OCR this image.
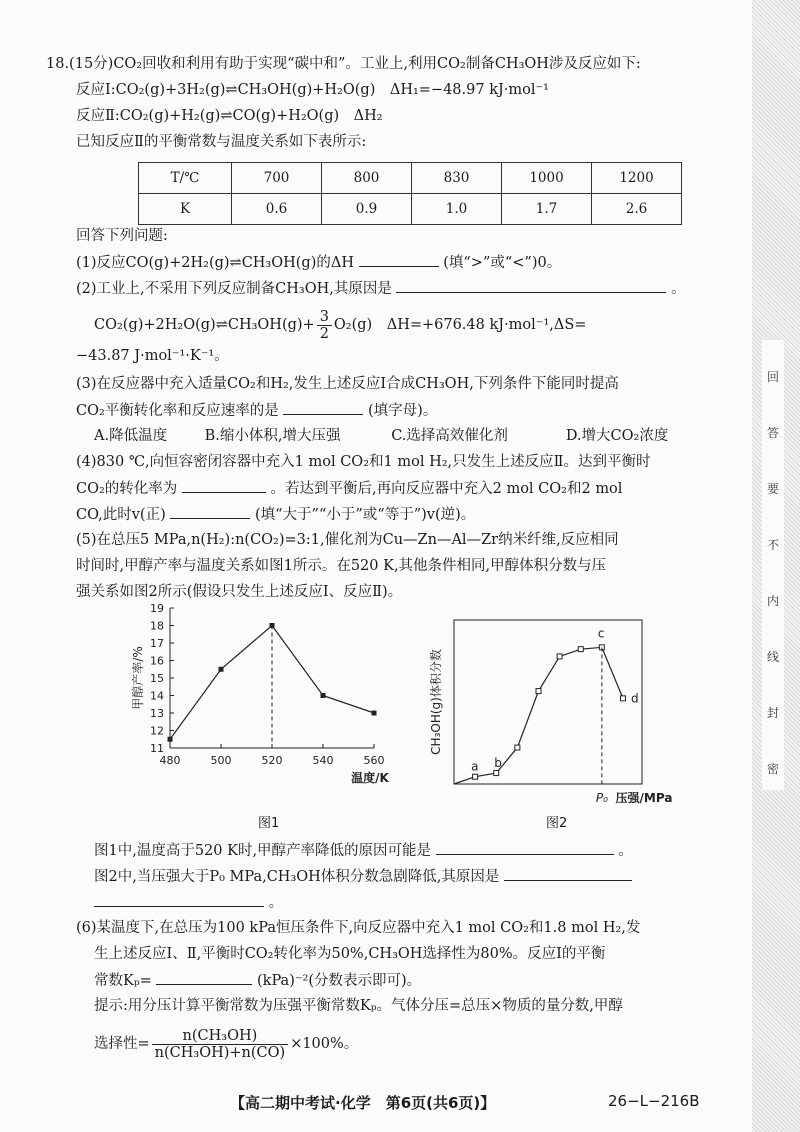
18.(15分)CO₂回收和利用有助于实现“碳中和”。工业上,利用CO₂制备CH₃OH涉及反应如下:
反应Ⅰ:CO₂(g)+3H₂(g)⇌CH₃OH(g)+H₂O(g)　ΔH₁=−48.97 kJ·mol⁻¹
反应Ⅱ:CO₂(g)+H₂(g)⇌CO(g)+H₂O(g)　ΔH₂
已知反应Ⅱ的平衡常数与温度关系如下表所示:
T/℃	700	800	830	1000	1200
K	0.6	0.9	1.0	1.7	2.6
回答下列问题:
(1)反应CO(g)+2H₂(g)⇌CH₃OH(g)的ΔH	(填“>”或“<”)0。
(2)工业上,不采用下列反应制备CH₃OH,其原因是	。
CO₂(g)+2H₂O(g)⇌CH₃OH(g)+ $\frac{3}{2} O_2(g)$　ΔH=+676.48 kJ·mol⁻¹,ΔS=
−43.87 J·mol⁻¹·K⁻¹。
(3)在反应器中充入适量CO₂和H₂,发生上述反应Ⅰ合成CH₃OH,下列条件下能同时提高
CO₂平衡转化率和反应速率的是	(填字母)。
A.降低温度	B.缩小体积,增大压强	C.选择高效催化剂	D.增大CO₂浓度
(4)830 ℃,向恒容密闭容器中充入1 mol CO₂和1 mol H₂,只发生上述反应Ⅱ。达到平衡时
CO₂的转化率为	。若达到平衡后,再向反应器中充入2 mol CO₂和2 mol
CO,此时v(正)	(填“大于”“小于”或“等于”)v(逆)。
(5)在总压5 MPa,n(H₂):n(CO₂)=3:1,催化剂为Cu—Zn—Al—Zr纳米纤维,反应相同
时间时,甲醇产率与温度关系如图1所示。在520 K,其他条件相同,甲醇体积分数与压
强关系如图2所示(假设只发生上述反应Ⅰ、反应Ⅱ)。
11
12
13
14
15
16
17
18
19
480	500	520	540	560
甲醇产率/%
温度/K
图1
a b
c
d
P₀ 压强/MPa
CH₃OH(g)体积分数
图2
图1中,温度高于520 K时,甲醇产率降低的原因可能是	。
图2中,当压强大于P₀ MPa,CH₃OH体积分数急剧降低,其原因是
。
(6)某温度下,在总压为100 kPa恒压条件下,向反应器中充入1 mol CO₂和1.8 mol H₂,发
生上述反应Ⅰ、Ⅱ,平衡时CO₂转化率为50%,CH₃OH选择性为80%。反应Ⅰ的平衡
常数Kₚ=	(kPa)⁻²(分数表示即可)。
提示:用分压计算平衡常数为压强平衡常数Kₚ。气体分压=总压×物质的量分数,甲醇
选择性= $\frac{\text{n(CH₃OH)}}{\text{n(CH₃OH)+n(CO)}} \times 100\%$。
【高二期中考试·化学　第6页(共6页)】	26−L−216B
回
答
要
不
内
线
封
密
